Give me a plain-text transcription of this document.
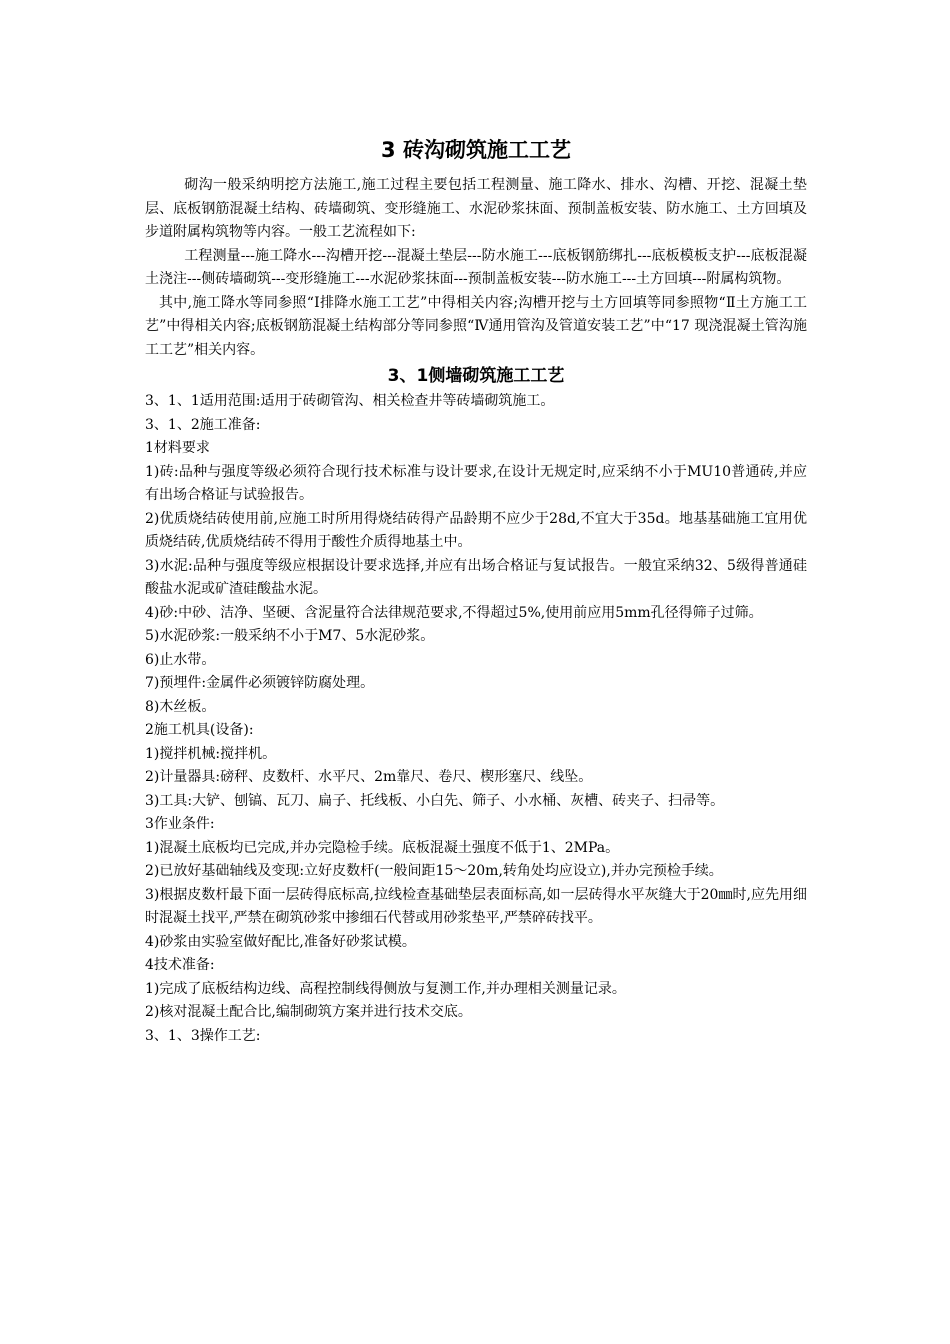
3 砖沟砌筑施工工艺

砌沟一般采纳明挖方法施工,施工过程主要包括工程测量、施工降水、排水、沟槽、开挖、混凝土垫层、底板钢筋混凝土结构、砖墙砌筑、变形缝施工、水泥砂浆抹面、预制盖板安装、防水施工、土方回填及步道附属构筑物等内容。一般工艺流程如下:

工程测量---施工降水---沟槽开挖---混凝土垫层---防水施工---底板钢筋绑扎---底板模板支护---底板混凝土浇注---侧砖墙砌筑---变形缝施工---水泥砂浆抹面---预制盖板安装---防水施工---土方回填---附属构筑物。

其中,施工降水等同参照“Ⅰ排降水施工工艺”中得相关内容;沟槽开挖与土方回填等同参照物“Ⅱ土方施工工艺”中得相关内容;底板钢筋混凝土结构部分等同参照“Ⅳ通用管沟及管道安装工艺”中“17 现浇混凝土管沟施工工艺”相关内容。

3、1侧墙砌筑施工工艺

3、1、1适用范围:适用于砖砌管沟、相关检查井等砖墙砌筑施工。

3、1、2施工准备:

1材料要求

1)砖:品种与强度等级必须符合现行技术标准与设计要求,在设计无规定时,应采纳不小于MU10普通砖,并应有出场合格证与试验报告。

2)优质烧结砖使用前,应施工时所用得烧结砖得产品龄期不应少于28d,不宜大于35d。地基基础施工宜用优质烧结砖,优质烧结砖不得用于酸性介质得地基土中。

3)水泥:品种与强度等级应根据设计要求选择,并应有出场合格证与复试报告。一般宜采纳32、5级得普通硅酸盐水泥或矿渣硅酸盐水泥。

4)砂:中砂、洁净、坚硬、含泥量符合法律规范要求,不得超过5%,使用前应用5mm孔径得筛子过筛。

5)水泥砂浆:一般采纳不小于M7、5水泥砂浆。

6)止水带。

7)预埋件:金属件必须镀锌防腐处理。

8)木丝板。

2施工机具(设备):

1)搅拌机械:搅拌机。

2)计量器具:磅秤、皮数杆、水平尺、2m靠尺、卷尺、楔形塞尺、线坠。

3)工具:大铲、刨镐、瓦刀、扁子、托线板、小白先、筛子、小水桶、灰槽、砖夹子、扫帚等。

3作业条件:

1)混凝土底板均已完成,并办完隐检手续。底板混凝土强度不低于1、2MPa。

2)已放好基础轴线及变现:立好皮数杆(一般间距15～20m,转角处均应设立),并办完预检手续。

3)根据皮数杆最下面一层砖得底标高,拉线检查基础垫层表面标高,如一层砖得水平灰缝大于20㎜时,应先用细时混凝土找平,严禁在砌筑砂浆中掺细石代替或用砂浆垫平,严禁碎砖找平。

4)砂浆由实验室做好配比,准备好砂浆试模。

4技术准备:

1)完成了底板结构边线、高程控制线得侧放与复测工作,并办理相关测量记录。

2)核对混凝土配合比,编制砌筑方案并进行技术交底。

3、1、3操作工艺:
